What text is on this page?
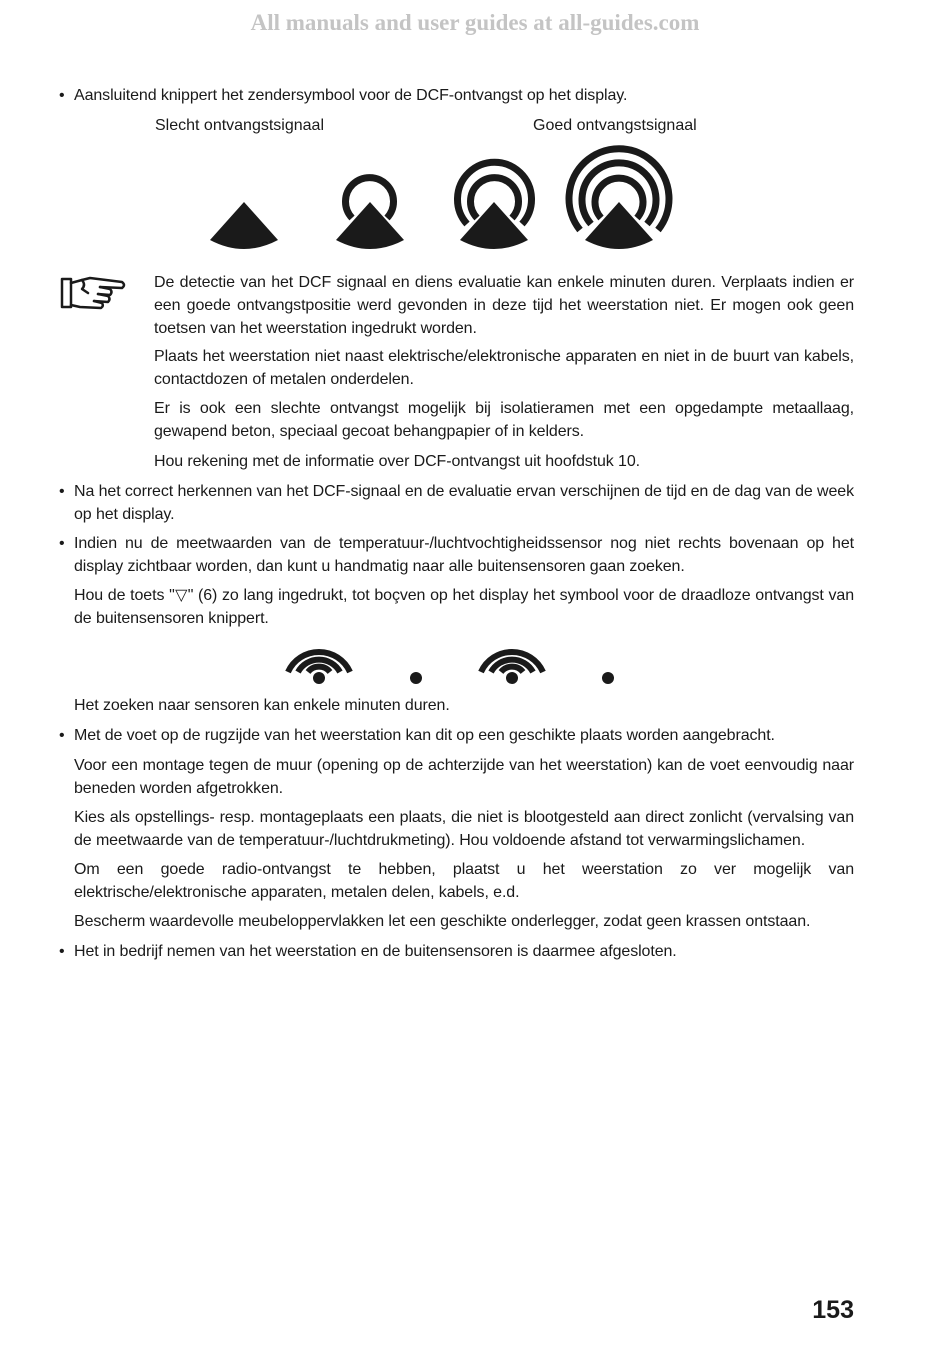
All manuals and user guides at all-guides.com
• Aansluitend knippert het zendersymbool voor de DCF-ontvangst op het display.

Slecht ontvangstsignaal	Goed ontvangstsignaal

De detectie van het DCF signaal en diens evaluatie kan enkele minuten duren. Verplaats indien er een goede ontvangstpositie werd gevonden in deze tijd het weerstation niet. Er mogen ook geen toetsen van het weerstation ingedrukt worden.

Plaats het weerstation niet naast elektrische/elektronische apparaten en niet in de buurt van kabels, contactdozen of metalen onderdelen.

Er is ook een slechte ontvangst mogelijk bij isolatieramen met een opgedampte metaallaag, gewapend beton, speciaal gecoat behangpapier of in kelders.

Hou rekening met de informatie over DCF-ontvangst uit hoofdstuk 10.

• Na het correct herkennen van het DCF-signaal en de evaluatie ervan verschijnen de tijd en de dag van de week op het display.

• Indien nu de meetwaarden van de temperatuur-/luchtvochtigheidssensor nog niet rechts bovenaan op het display zichtbaar worden, dan kunt u handmatig naar alle buitensensoren gaan zoeken.

Hou de toets "▽" (6) zo lang ingedrukt, tot boçven op het display het symbool voor de draadloze ontvangst van de buitensensoren knippert.

Het zoeken naar sensoren kan enkele minuten duren.

• Met de voet op de rugzijde van het weerstation kan dit op een geschikte plaats worden aangebracht.

Voor een montage tegen de muur (opening op de achterzijde van het weerstation) kan de voet eenvoudig naar beneden worden afgetrokken.

Kies als opstellings- resp. montageplaats een plaats, die niet is blootgesteld aan direct zonlicht (vervalsing van de meetwaarde van de temperatuur-/luchtdrukmeting). Hou voldoende afstand tot verwarmingslichamen.

Om een goede radio-ontvangst te hebben, plaatst u het weerstation zo ver mogelijk van elektrische/elektronische apparaten, metalen delen, kabels, e.d.

Bescherm waardevolle meubeloppervlakken let een geschikte onderlegger, zodat geen krassen ontstaan.

• Het in bedrijf nemen van het weerstation en de buitensensoren is daarmee afgesloten.

153
